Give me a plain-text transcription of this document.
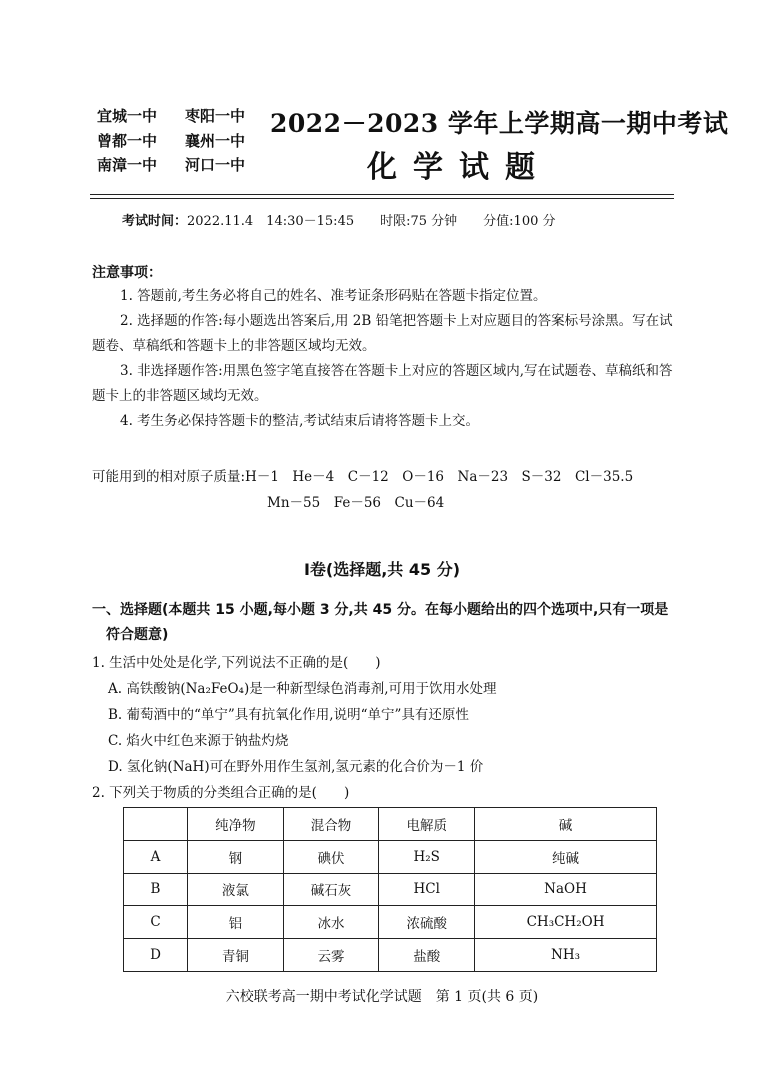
宜城一中	枣阳一中
曾都一中	襄州一中
南漳一中	河口一中
2022－2023 学年上学期高一期中考试
化学试题
考试时间：2022.11.4　14:30－15:45 时限:75 分钟 分值:100 分
注意事项：
1. 答题前,考生务必将自己的姓名、准考证条形码贴在答题卡指定位置。
2. 选择题的作答:每小题选出答案后,用 2B 铅笔把答题卡上对应题目的答案标号涂黑。写在试题卷、草稿纸和答题卡上的非答题区域均无效。
3. 非选择题作答:用黑色签字笔直接答在答题卡上对应的答题区域内,写在试题卷、草稿纸和答题卡上的非答题区域均无效。
4. 考生务必保持答题卡的整洁,考试结束后请将答题卡上交。
可能用到的相对原子质量:H－1　He－4　C－12　O－16　Na－23　S－32　Cl－35.5
Mn－55　Fe－56　Cu－64
Ⅰ卷(选择题,共 45 分)
一、选择题(本题共 15 小题,每小题 3 分,共 45 分。在每小题给出的四个选项中,只有一项是符合题意)
1. 生活中处处是化学,下列说法不正确的是(　　)
A. 高铁酸钠(Na₂FeO₄)是一种新型绿色消毒剂,可用于饮用水处理
B. 葡萄酒中的“单宁”具有抗氧化作用,说明“单宁”具有还原性
C. 焰火中红色来源于钠盐灼烧
D. 氢化钠(NaH)可在野外用作生氢剂,氢元素的化合价为－1 价
2. 下列关于物质的分类组合正确的是(　　)
	纯净物	混合物	电解质	碱
A	钢	碘伏	H₂S	纯碱
B	液氯	碱石灰	HCl	NaOH
C	铝	冰水	浓硫酸	CH₃CH₂OH
D	青铜	云雾	盐酸	NH₃
六校联考高一期中考试化学试题　第 1 页(共 6 页)
